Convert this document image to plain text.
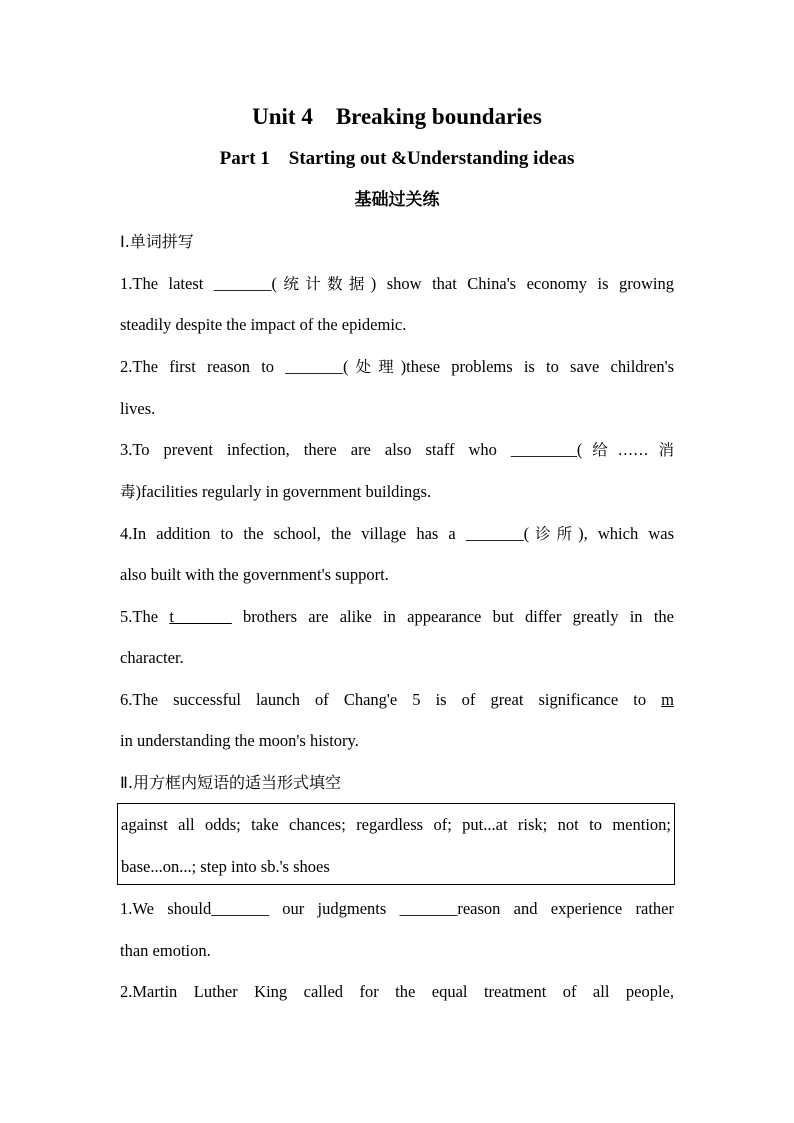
Unit 4　Breaking boundaries
Part 1　Starting out &Understanding ideas
基础过关练
Ⅰ.单词拼写
1.The latest _______(统计数据) show that China's economy is growing
steadily despite the impact of the epidemic.
2.The first reason to _______(处理)these problems is to save children's
lives.
3.To prevent infection, there are also staff who ________(给……消
毒)facilities regularly in government buildings.
4.In addition to the school, the village has a _______(诊所), which was
also built with the government's support.
5.The t_______ brothers are alike in appearance but differ greatly in the
character.
6.The successful launch of Chang'e 5 is of great significance to m
in understanding the moon's history.
Ⅱ.用方框内短语的适当形式填空
against all odds; take chances; regardless of; put...at risk; not to mention;
base...on...; step into sb.'s shoes
1.We should_______ our judgments _______reason and experience rather
than emotion.
2.Martin Luther King called for the equal treatment of all people,
